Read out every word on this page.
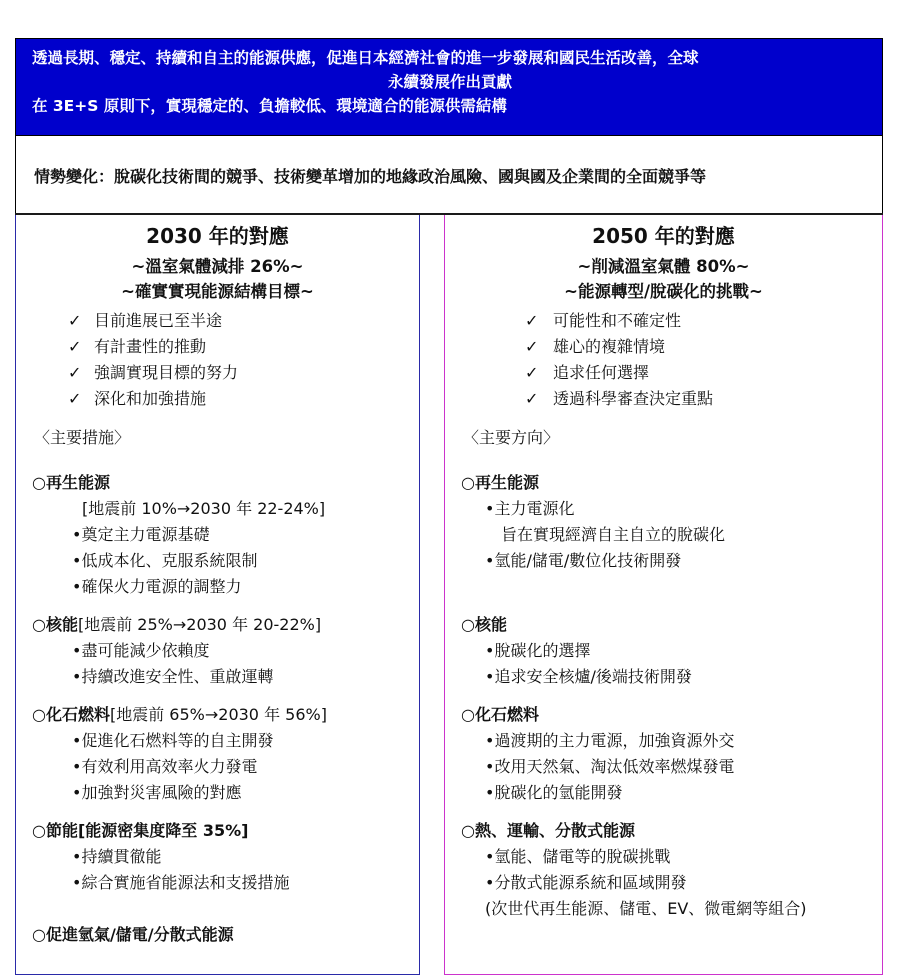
透過長期、穩定、持續和自主的能源供應，促進日本經濟社會的進一步發展和國民生活改善，全球
永續發展作出貢獻
在 3E+S 原則下，實現穩定的、負擔較低、環境適合的能源供需結構
情勢變化：脫碳化技術間的競爭、技術變革增加的地緣政治風險、國與國及企業間的全面競爭等
2030 年的對應
~溫室氣體減排 26%~
~確實實現能源結構目標~
✓ 目前進展已至半途
✓ 有計畫性的推動
✓ 強調實現目標的努力
✓ 深化和加強措施
〈主要措施〉
○再生能源
[地震前 10%→2030 年 22-24%]
•奠定主力電源基礎
•低成本化、克服系統限制
•確保火力電源的調整力
○核能[地震前 25%→2030 年 20-22%]
•盡可能減少依賴度
•持續改進安全性、重啟運轉
○化石燃料[地震前 65%→2030 年 56%]
•促進化石燃料等的自主開發
•有效利用高效率火力發電
•加強對災害風險的對應
○節能[能源密集度降至 35%]
•持續貫徹能
•綜合實施省能源法和支援措施
○促進氫氣/儲電/分散式能源
2050 年的對應
~削減溫室氣體 80%~
~能源轉型/脫碳化的挑戰~
✓ 可能性和不確定性
✓ 雄心的複雜情境
✓ 追求任何選擇
✓ 透過科學審查決定重點
〈主要方向〉
○再生能源
•主力電源化
旨在實現經濟自主自立的脫碳化
•氫能/儲電/數位化技術開發
○核能
•脫碳化的選擇
•追求安全核爐/後端技術開發
○化石燃料
•過渡期的主力電源，加強資源外交
•改用天然氣、淘汰低效率燃煤發電
•脫碳化的氫能開發
○熱、運輸、分散式能源
•氫能、儲電等的脫碳挑戰
•分散式能源系統和區域開發
(次世代再生能源、儲電、EV、微電網等組合)
